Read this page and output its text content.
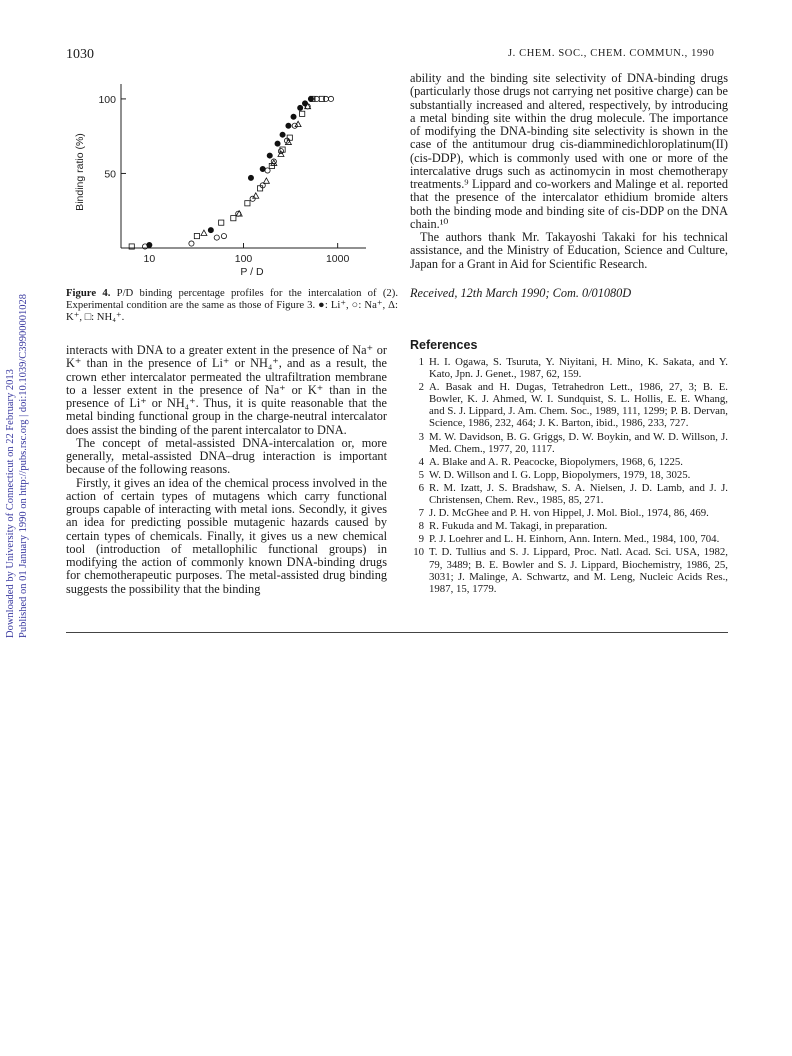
1030	J. CHEM. SOC., CHEM. COMMUN., 1990
Downloaded by University of Connecticut on 22 February 2013 Published on 01 January 1990 on http://pubs.rsc.org | doi:10.1039/C39900001028
10	100	1000
50
100
Binding ratio (%)
P / D
Figure 4. P/D binding percentage profiles for the intercalation of (2). Experimental condition are the same as those of Figure 3. ●: Li⁺, ○: Na⁺, Δ: K⁺, □: NH₄⁺.

interacts with DNA to a greater extent in the presence of Na⁺ or K⁺ than in the presence of Li⁺ or NH₄⁺, and as a result, the crown ether intercalator permeated the ultrafiltration membrane to a lesser extent in the presence of Na⁺ or K⁺ than in the presence of Li⁺ or NH₄⁺. Thus, it is quite reasonable that the metal binding functional group in the charge-neutral intercalator does assist the binding of the parent intercalator to DNA.

The concept of metal-assisted DNA-intercalation or, more generally, metal-assisted DNA–drug interaction is important because of the following reasons.

Firstly, it gives an idea of the chemical process involved in the action of certain types of mutagens which carry functional groups capable of interacting with metal ions. Secondly, it gives an idea for predicting possible mutagenic hazards caused by certain types of chemicals. Finally, it gives us a new chemical tool (introduction of metallophilic functional groups) in modifying the action of commonly known DNA-binding drugs for chemotherapeutic purposes. The metal-assisted drug binding suggests the possibility that the binding

ability and the binding site selectivity of DNA-binding drugs (particularly those drugs not carrying net positive charge) can be substantially increased and altered, respectively, by introducing a metal binding site within the drug molecule. The importance of modifying the DNA-binding site selectivity is shown in the case of the antitumour drug cis-diamminedichloroplatinum(II) (cis-DDP), which is commonly used with one or more of the intercalative drugs such as actinomycin in most chemotherapy treatments.⁹ Lippard and co-workers and Malinge et al. reported that the presence of the intercalator ethidium bromide alters both the binding mode and binding site of cis-DDP on the DNA chain.¹⁰

The authors thank Mr. Takayoshi Takaki for his technical assistance, and the Ministry of Education, Science and Culture, Japan for a Grant in Aid for Scientific Research.

Received, 12th March 1990; Com. 0/01080D
References
1 H. I. Ogawa, S. Tsuruta, Y. Niyitani, H. Mino, K. Sakata, and Y. Kato, Jpn. J. Genet., 1987, 62, 159.
2 A. Basak and H. Dugas, Tetrahedron Lett., 1986, 27, 3; B. E. Bowler, K. J. Ahmed, W. I. Sundquist, S. L. Hollis, E. E. Whang, and S. J. Lippard, J. Am. Chem. Soc., 1989, 111, 1299; P. B. Dervan, Science, 1986, 232, 464; J. K. Barton, ibid., 1986, 233, 727.
3 M. W. Davidson, B. G. Griggs, D. W. Boykin, and W. D. Willson, J. Med. Chem., 1977, 20, 1117.
4 A. Blake and A. R. Peacocke, Biopolymers, 1968, 6, 1225.
5 W. D. Willson and I. G. Lopp, Biopolymers, 1979, 18, 3025.
6 R. M. Izatt, J. S. Bradshaw, S. A. Nielsen, J. D. Lamb, and J. J. Christensen, Chem. Rev., 1985, 85, 271.
7 J. D. McGhee and P. H. von Hippel, J. Mol. Biol., 1974, 86, 469.
8 R. Fukuda and M. Takagi, in preparation.
9 P. J. Loehrer and L. H. Einhorn, Ann. Intern. Med., 1984, 100, 704.
10 T. D. Tullius and S. J. Lippard, Proc. Natl. Acad. Sci. USA, 1982, 79, 3489; B. E. Bowler and S. J. Lippard, Biochemistry, 1986, 25, 3031; J. Malinge, A. Schwartz, and M. Leng, Nucleic Acids Res., 1987, 15, 1779.
